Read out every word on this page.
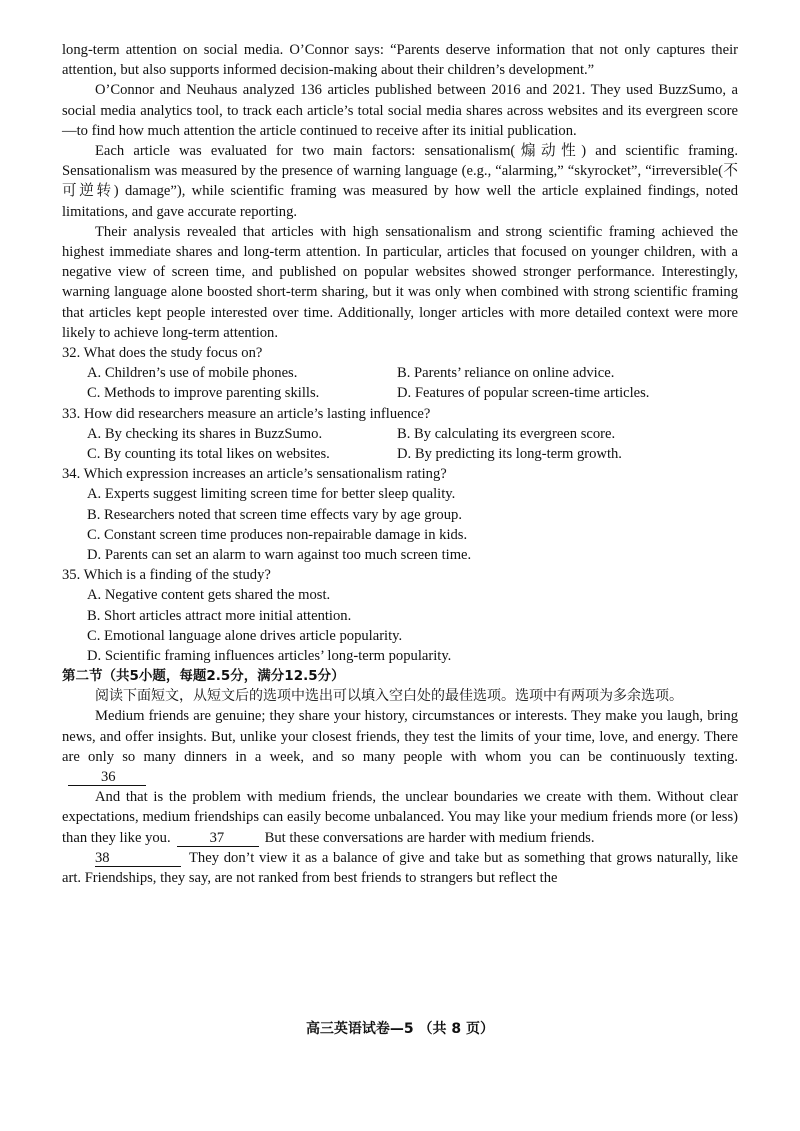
long-term attention on social media. O’Connor says: “Parents deserve information that not only captures their attention, but also supports informed decision-making about their children’s development.”

O’Connor and Neuhaus analyzed 136 articles published between 2016 and 2021. They used BuzzSumo, a social media analytics tool, to track each article’s total social media shares across websites and its evergreen score—to find how much attention the article continued to receive after its initial publication.

Each article was evaluated for two main factors: sensationalism(煽动性) and scientific framing. Sensationalism was measured by the presence of warning language (e.g., “alarming,” “skyrocket”, “irreversible(不可逆转) damage”), while scientific framing was measured by how well the article explained findings, noted limitations, and gave accurate reporting.

Their analysis revealed that articles with high sensationalism and strong scientific framing achieved the highest immediate shares and long-term attention. In particular, articles that focused on younger children, with a negative view of screen time, and published on popular websites showed stronger performance. Interestingly, warning language alone boosted short-term sharing, but it was only when combined with strong scientific framing that articles kept people interested over time. Additionally, longer articles with more detailed context were more likely to achieve long-term attention.

32. What does the study focus on?

A. Children’s use of mobile phones.	B. Parents’ reliance on online advice.
C. Methods to improve parenting skills.	D. Features of popular screen-time articles.

33. How did researchers measure an article’s lasting influence?

A. By checking its shares in BuzzSumo.	B. By calculating its evergreen score.
C. By counting its total likes on websites.	D. By predicting its long-term growth.

34. Which expression increases an article’s sensationalism rating?

A. Experts suggest limiting screen time for better sleep quality.

B. Researchers noted that screen time effects vary by age group.

C. Constant screen time produces non-repairable damage in kids.

D. Parents can set an alarm to warn against too much screen time.

35. Which is a finding of the study?

A. Negative content gets shared the most.

B. Short articles attract more initial attention.

C. Emotional language alone drives article popularity.

D. Scientific framing influences articles’ long-term popularity.

第二节（共5小题，每题2.5分，满分12.5分）

阅读下面短文，从短文后的选项中选出可以填入空白处的最佳选项。选项中有两项为多余选项。

Medium friends are genuine; they share your history, circumstances or interests. They make you laugh, bring news, and offer insights. But, unlike your closest friends, they test the limits of your time, love, and energy. There are only so many dinners in a week, and so many people with whom you can be continuously texting.36

And that is the problem with medium friends, the unclear boundaries we create with them. Without clear expectations, medium friendships can easily become unbalanced. You may like your medium friends more (or less) than they like you.	37	But these conversations are harder with medium friends.

38	They don’t view it as a balance of give and take but as something that grows naturally, like art. Friendships, they say, are not ranked from best friends to strangers but reflect the

高三英语试卷—5 （共 8 页）
